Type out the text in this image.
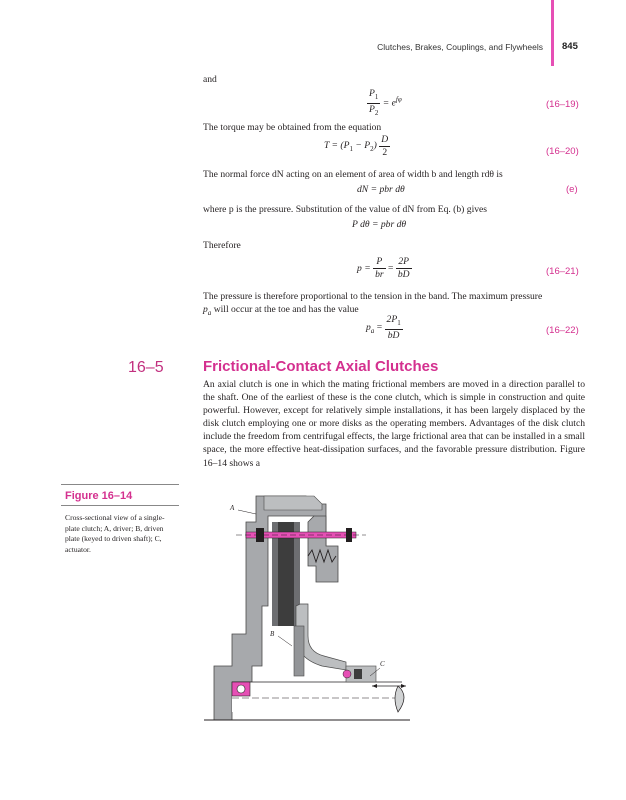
Clutches, Brakes, Couplings, and Flywheels 845
and
$\frac{P_1}{P_2} = e^{f\varphi}$	(16–19)
The torque may be obtained from the equation
$T = (P_1 - P_2) \frac{D}{2}$	(16–20)
The normal force dN acting on an element of area of width b and length rdθ is
dN = pbr dθ	(e)
where p is the pressure. Substitution of the value of dN from Eq. (b) gives
P dθ = pbr dθ
Therefore
$p = \frac{P}{br} = \frac{2P}{bD}$	(16–21)
The pressure is therefore proportional to the tension in the band. The maximum pressure
$p_a$ will occur at the toe and has the value
$p_a = \frac{2P_1}{bD}$	(16–22)
16–5	Frictional-Contact Axial Clutches
An axial clutch is one in which the mating frictional members are moved in a direction parallel to the shaft. One of the earliest of these is the cone clutch, which is simple in construction and quite powerful. However, except for relatively simple installations, it has been largely displaced by the disk clutch employing one or more disks as the operating members. Advantages of the disk clutch include the freedom from centrifugal effects, the large frictional area that can be installed in a small space, the more effective heat-dissipation surfaces, and the favorable pressure distribution. Figure 16–14 shows a
Figure 16–14
Cross-sectional view of a single-plate clutch; A, driver; B, driven plate (keyed to driven shaft); C, actuator.
A
B
C
